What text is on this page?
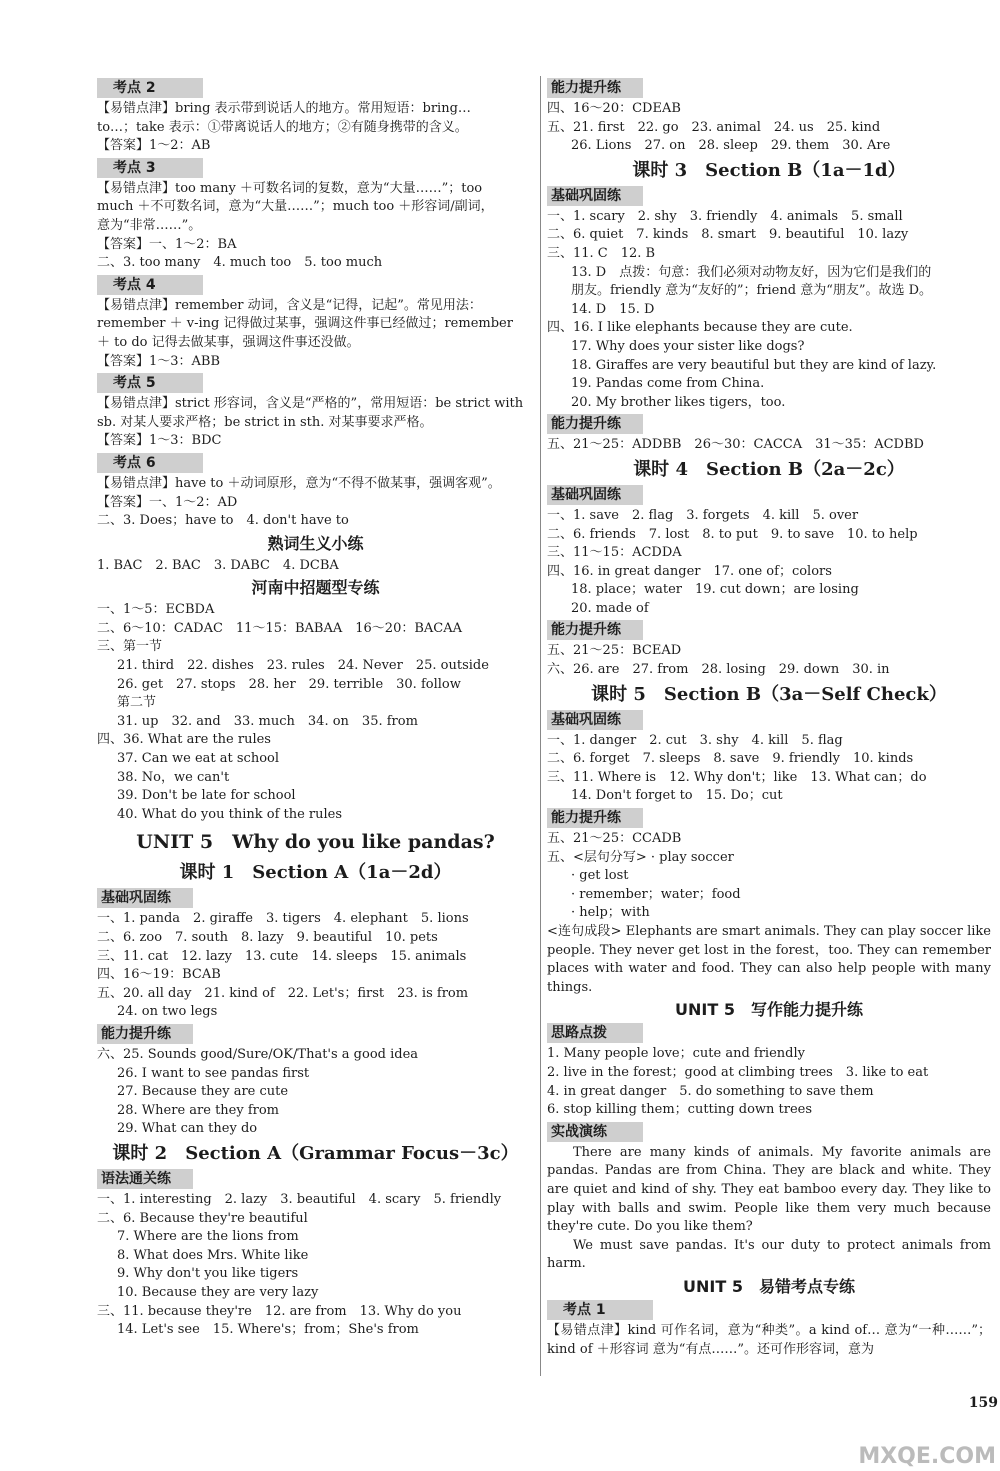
考点 2
【易错点津】bring 表示带到说话人的地方。常用短语：bring…
to…；take 表示：①带离说话人的地方；②有随身携带的含义。
【答案】1～2：AB
考点 3
【易错点津】too many ＋可数名词的复数，意为“大量……”；too
much ＋不可数名词，意为“大量……”；much too ＋形容词/副词，
意为“非常……”。
【答案】一、1～2：BA
二、3. too many　4. much too　5. too much
考点 4
【易错点津】remember 动词，含义是“记得，记起”。常见用法：
remember ＋ v-ing 记得做过某事，强调这件事已经做过；remember
＋ to do 记得去做某事，强调这件事还没做。
【答案】1～3：ABB
考点 5
【易错点津】strict 形容词，含义是“严格的”，常用短语：be strict with
sb. 对某人要求严格；be strict in sth. 对某事要求严格。
【答案】1～3：BDC
考点 6
【易错点津】have to ＋动词原形，意为“不得不做某事，强调客观”。
【答案】一、1～2：AD
二、3. Does；have to　4. don't have to
熟词生义小练
1. BAC　2. BAC　3. DABC　4. DCBA
河南中招题型专练
一、1～5：ECBDA
二、6～10：CADAC　11～15：BABAA　16～20：BACAA
三、第一节
21. third　22. dishes　23. rules　24. Never　25. outside
26. get　27. stops　28. her　29. terrible　30. follow
第二节
31. up　32. and　33. much　34. on　35. from
四、36. What are the rules
37. Can we eat at school
38. No，we can't
39. Don't be late for school
40. What do you think of the rules
UNIT 5　Why do you like pandas?
课时 1　Section A（1a－2d）
基础巩固练
一、1. panda　2. giraffe　3. tigers　4. elephant　5. lions
二、6. zoo　7. south　8. lazy　9. beautiful　10. pets
三、11. cat　12. lazy　13. cute　14. sleeps　15. animals
四、16～19：BCAB
五、20. all day　21. kind of　22. Let's；first　23. is from
24. on two legs
能力提升练
六、25. Sounds good/Sure/OK/That's a good idea
26. I want to see pandas first
27. Because they are cute
28. Where are they from
29. What can they do
课时 2　Section A（Grammar Focus－3c）
语法通关练
一、1. interesting　2. lazy　3. beautiful　4. scary　5. friendly
二、6. Because they're beautiful
7. Where are the lions from
8. What does Mrs. White like
9. Why don't you like tigers
10. Because they are very lazy
三、11. because they're　12. are from　13. Why do you
14. Let's see　15. Where's；from；She's from
能力提升练
四、16～20：CDEAB
五、21. first　22. go　23. animal　24. us　25. kind
26. Lions　27. on　28. sleep　29. them　30. Are
课时 3　Section B（1a－1d）
基础巩固练
一、1. scary　2. shy　3. friendly　4. animals　5. small
二、6. quiet　7. kinds　8. smart　9. beautiful　10. lazy
三、11. C　12. B
13. D　点拨：句意：我们必须对动物友好，因为它们是我们的
朋友。friendly 意为“友好的”；friend 意为“朋友”。故选 D。
14. D　15. D
四、16. I like elephants because they are cute.
17. Why does your sister like dogs?
18. Giraffes are very beautiful but they are kind of lazy.
19. Pandas come from China.
20. My brother likes tigers，too.
能力提升练
五、21～25：ADDBB　26～30：CACCA　31～35：ACDBD
课时 4　Section B（2a－2c）
基础巩固练
一、1. save　2. flag　3. forgets　4. kill　5. over
二、6. friends　7. lost　8. to put　9. to save　10. to help
三、11～15：ACDDA
四、16. in great danger　17. one of；colors
18. place；water　19. cut down；are losing
20. made of
能力提升练
五、21～25：BCEAD
六、26. are　27. from　28. losing　29. down　30. in
课时 5　Section B（3a－Self Check）
基础巩固练
一、1. danger　2. cut　3. shy　4. kill　5. flag
二、6. forget　7. sleeps　8. save　9. friendly　10. kinds
三、11. Where is　12. Why don't；like　13. What can；do
14. Don't forget to　15. Do；cut
能力提升练
五、21～25：CCADB
五、<层句分写> · play soccer
· get lost
· remember；water；food
· help；with
<连句成段> Elephants are smart animals. They can play soccer like people. They never get lost in the forest，too. They can remember places with water and food. They can also help people with many things.
UNIT 5　写作能力提升练
思路点拨
1. Many people love；cute and friendly
2. live in the forest；good at climbing trees　3. like to eat
4. in great danger　5. do something to save them
6. stop killing them；cutting down trees
实战演练
There are many kinds of animals. My favorite animals are pandas. Pandas are from China. They are black and white. They are quiet and kind of shy. They eat bamboo every day. They like to play with balls and swim. People like them very much because they're cute. Do you like them?
We must save pandas. It's our duty to protect animals from harm.
UNIT 5　易错考点专练
考点 1
【易错点津】kind 可作名词，意为“种类”。a kind of… 意为“一种……”；kind of ＋形容词 意为“有点……”。还可作形容词，意为
159
MXQE.COM
